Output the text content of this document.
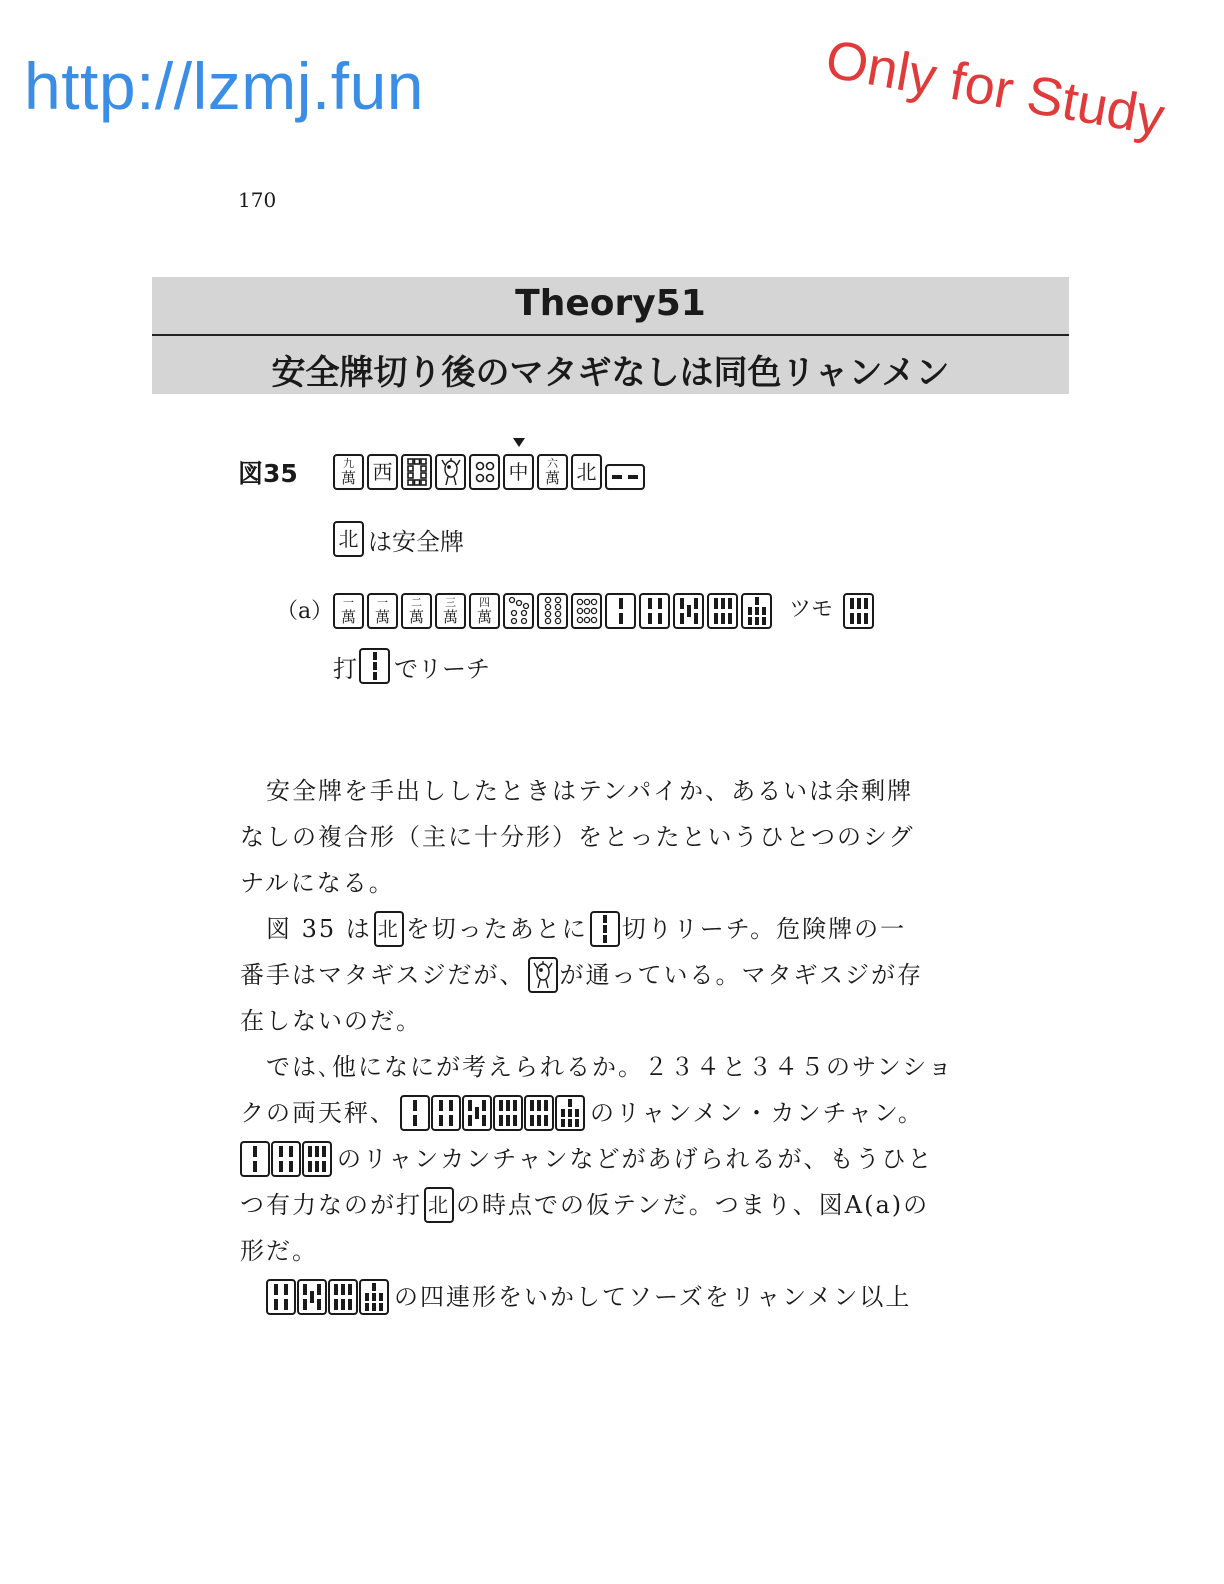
http://lzmj.fun	Only for Study
170
Theory51
安全牌切り後のマタギなしは同色リャンメン
図35	九
萬 西	中 六
萬 北
北 は安全牌
（a） 一
萬
一
萬
二
萬
三
萬
四
萬	ツモ
打 でリーチ
安全牌を手出ししたときはテンパイか、あるいは余剰牌
なしの複合形（主に十分形）をとったというひとつのシグ
ナルになる。
図 35 は 北 を切ったあとに 切りリーチ。危険牌の一
番手はマタギスジだが、 が通っている。マタギスジが存
在しないのだ。
では､他になにが考えられるか。２３４と３４５のサンショ
クの両天秤、	のリャンメン・カンチャン。
のリャンカンチャンなどがあげられるが、もうひと
つ有力なのが打 北 の時点での仮テンだ。つまり、図A(a)の
形だ。
の四連形をいかしてソーズをリャンメン以上
